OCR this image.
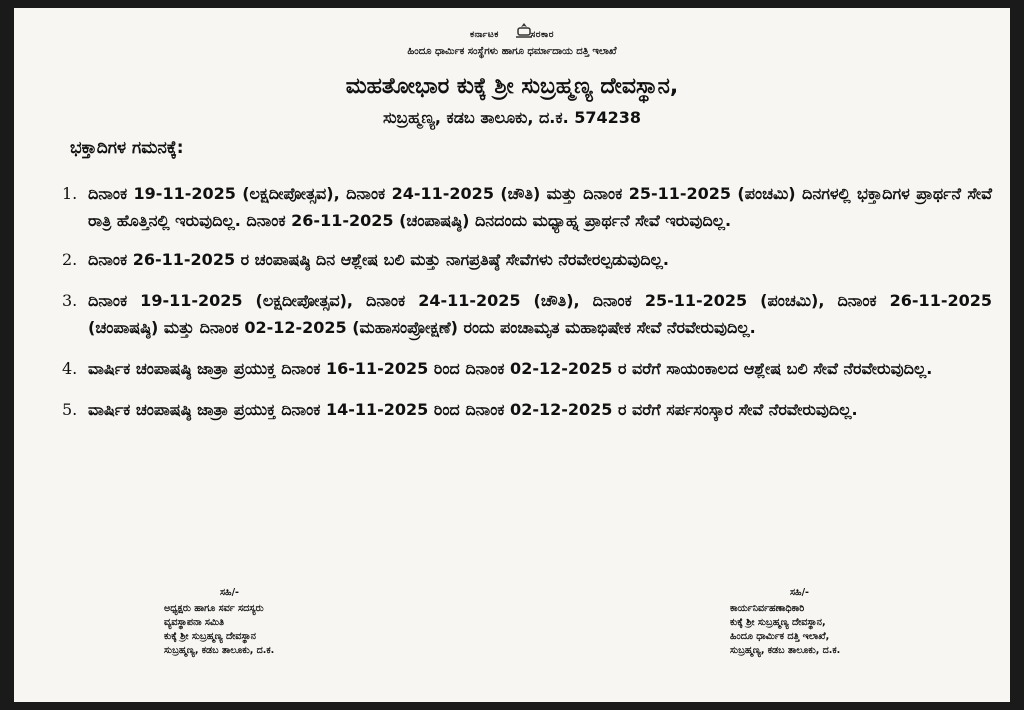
ಕರ್ನಾಟಕ	ಸರಕಾರ
ಹಿಂದೂ ಧಾರ್ಮಿಕ ಸಂಸ್ಥೆಗಳು ಹಾಗೂ ಧರ್ಮಾದಾಯ ದತ್ತಿ ಇಲಾಖೆ
ಮಹತೋಭಾರ ಕುಕ್ಕೆ ಶ್ರೀ ಸುಬ್ರಹ್ಮಣ್ಯ ದೇವಸ್ಥಾನ,
ಸುಬ್ರಹ್ಮಣ್ಯ, ಕಡಬ ತಾಲೂಕು, ದ.ಕ. 574238
ಭಕ್ತಾದಿಗಳ ಗಮನಕ್ಕೆ:
1. ದಿನಾಂಕ 19-11-2025 (ಲಕ್ಷದೀಪೋತ್ಸವ), ದಿನಾಂಕ 24-11-2025 (ಚೌತಿ) ಮತ್ತು ದಿನಾಂಕ 25-11-2025 (ಪಂಚಮಿ) ದಿನಗಳಲ್ಲಿ ಭಕ್ತಾದಿಗಳ ಪ್ರಾರ್ಥನೆ ಸೇವೆ ರಾತ್ರಿ ಹೊತ್ತಿನಲ್ಲಿ ಇರುವುದಿಲ್ಲ. ದಿನಾಂಕ 26-11-2025 (ಚಂಪಾಷಷ್ಠಿ) ದಿನದಂದು ಮಧ್ಯಾಹ್ನ ಪ್ರಾರ್ಥನೆ ಸೇವೆ ಇರುವುದಿಲ್ಲ.
2. ದಿನಾಂಕ 26-11-2025 ರ ಚಂಪಾಷಷ್ಠಿ ದಿನ ಆಶ್ಲೇಷ ಬಲಿ ಮತ್ತು ನಾಗಪ್ರತಿಷ್ಠೆ ಸೇವೆಗಳು ನೆರವೇರಲ್ಪಡುವುದಿಲ್ಲ.
3. ದಿನಾಂಕ 19-11-2025 (ಲಕ್ಷದೀಪೋತ್ಸವ), ದಿನಾಂಕ 24-11-2025 (ಚೌತಿ), ದಿನಾಂಕ 25-11-2025 (ಪಂಚಮಿ), ದಿನಾಂಕ 26-11-2025 (ಚಂಪಾಷಷ್ಠಿ) ಮತ್ತು ದಿನಾಂಕ 02-12-2025 (ಮಹಾಸಂಪ್ರೋಕ್ಷಣೆ) ರಂದು ಪಂಚಾಮೃತ ಮಹಾಭಿಷೇಕ ಸೇವೆ ನೆರವೇರುವುದಿಲ್ಲ.
4. ವಾರ್ಷಿಕ ಚಂಪಾಷಷ್ಠಿ ಜಾತ್ರಾ ಪ್ರಯುಕ್ತ ದಿನಾಂಕ 16-11-2025 ರಿಂದ ದಿನಾಂಕ 02-12-2025 ರ ವರೆಗೆ ಸಾಯಂಕಾಲದ ಆಶ್ಲೇಷ ಬಲಿ ಸೇವೆ ನೆರವೇರುವುದಿಲ್ಲ.
5. ವಾರ್ಷಿಕ ಚಂಪಾಷಷ್ಠಿ ಜಾತ್ರಾ ಪ್ರಯುಕ್ತ ದಿನಾಂಕ 14-11-2025 ರಿಂದ ದಿನಾಂಕ 02-12-2025 ರ ವರೆಗೆ ಸರ್ಪಸಂಸ್ಕಾರ ಸೇವೆ ನೆರವೇರುವುದಿಲ್ಲ.
ಸಹಿ/-
ಅಧ್ಯಕ್ಷರು ಹಾಗೂ ಸರ್ವ ಸದಸ್ಯರು
ವ್ಯವಸ್ಥಾಪನಾ ಸಮಿತಿ
ಕುಕ್ಕೆ ಶ್ರೀ ಸುಬ್ರಹ್ಮಣ್ಯ ದೇವಸ್ಥಾನ
ಸುಬ್ರಹ್ಮಣ್ಯ, ಕಡಬ ತಾಲೂಕು, ದ.ಕ.
ಸಹಿ/-
ಕಾರ್ಯನಿರ್ವಹಣಾಧಿಕಾರಿ
ಕುಕ್ಕೆ ಶ್ರೀ ಸುಬ್ರಹ್ಮಣ್ಯ ದೇವಸ್ಥಾನ,
ಹಿಂದೂ ಧಾರ್ಮಿಕ ದತ್ತಿ ಇಲಾಖೆ,
ಸುಬ್ರಹ್ಮಣ್ಯ, ಕಡಬ ತಾಲೂಕು, ದ.ಕ.
